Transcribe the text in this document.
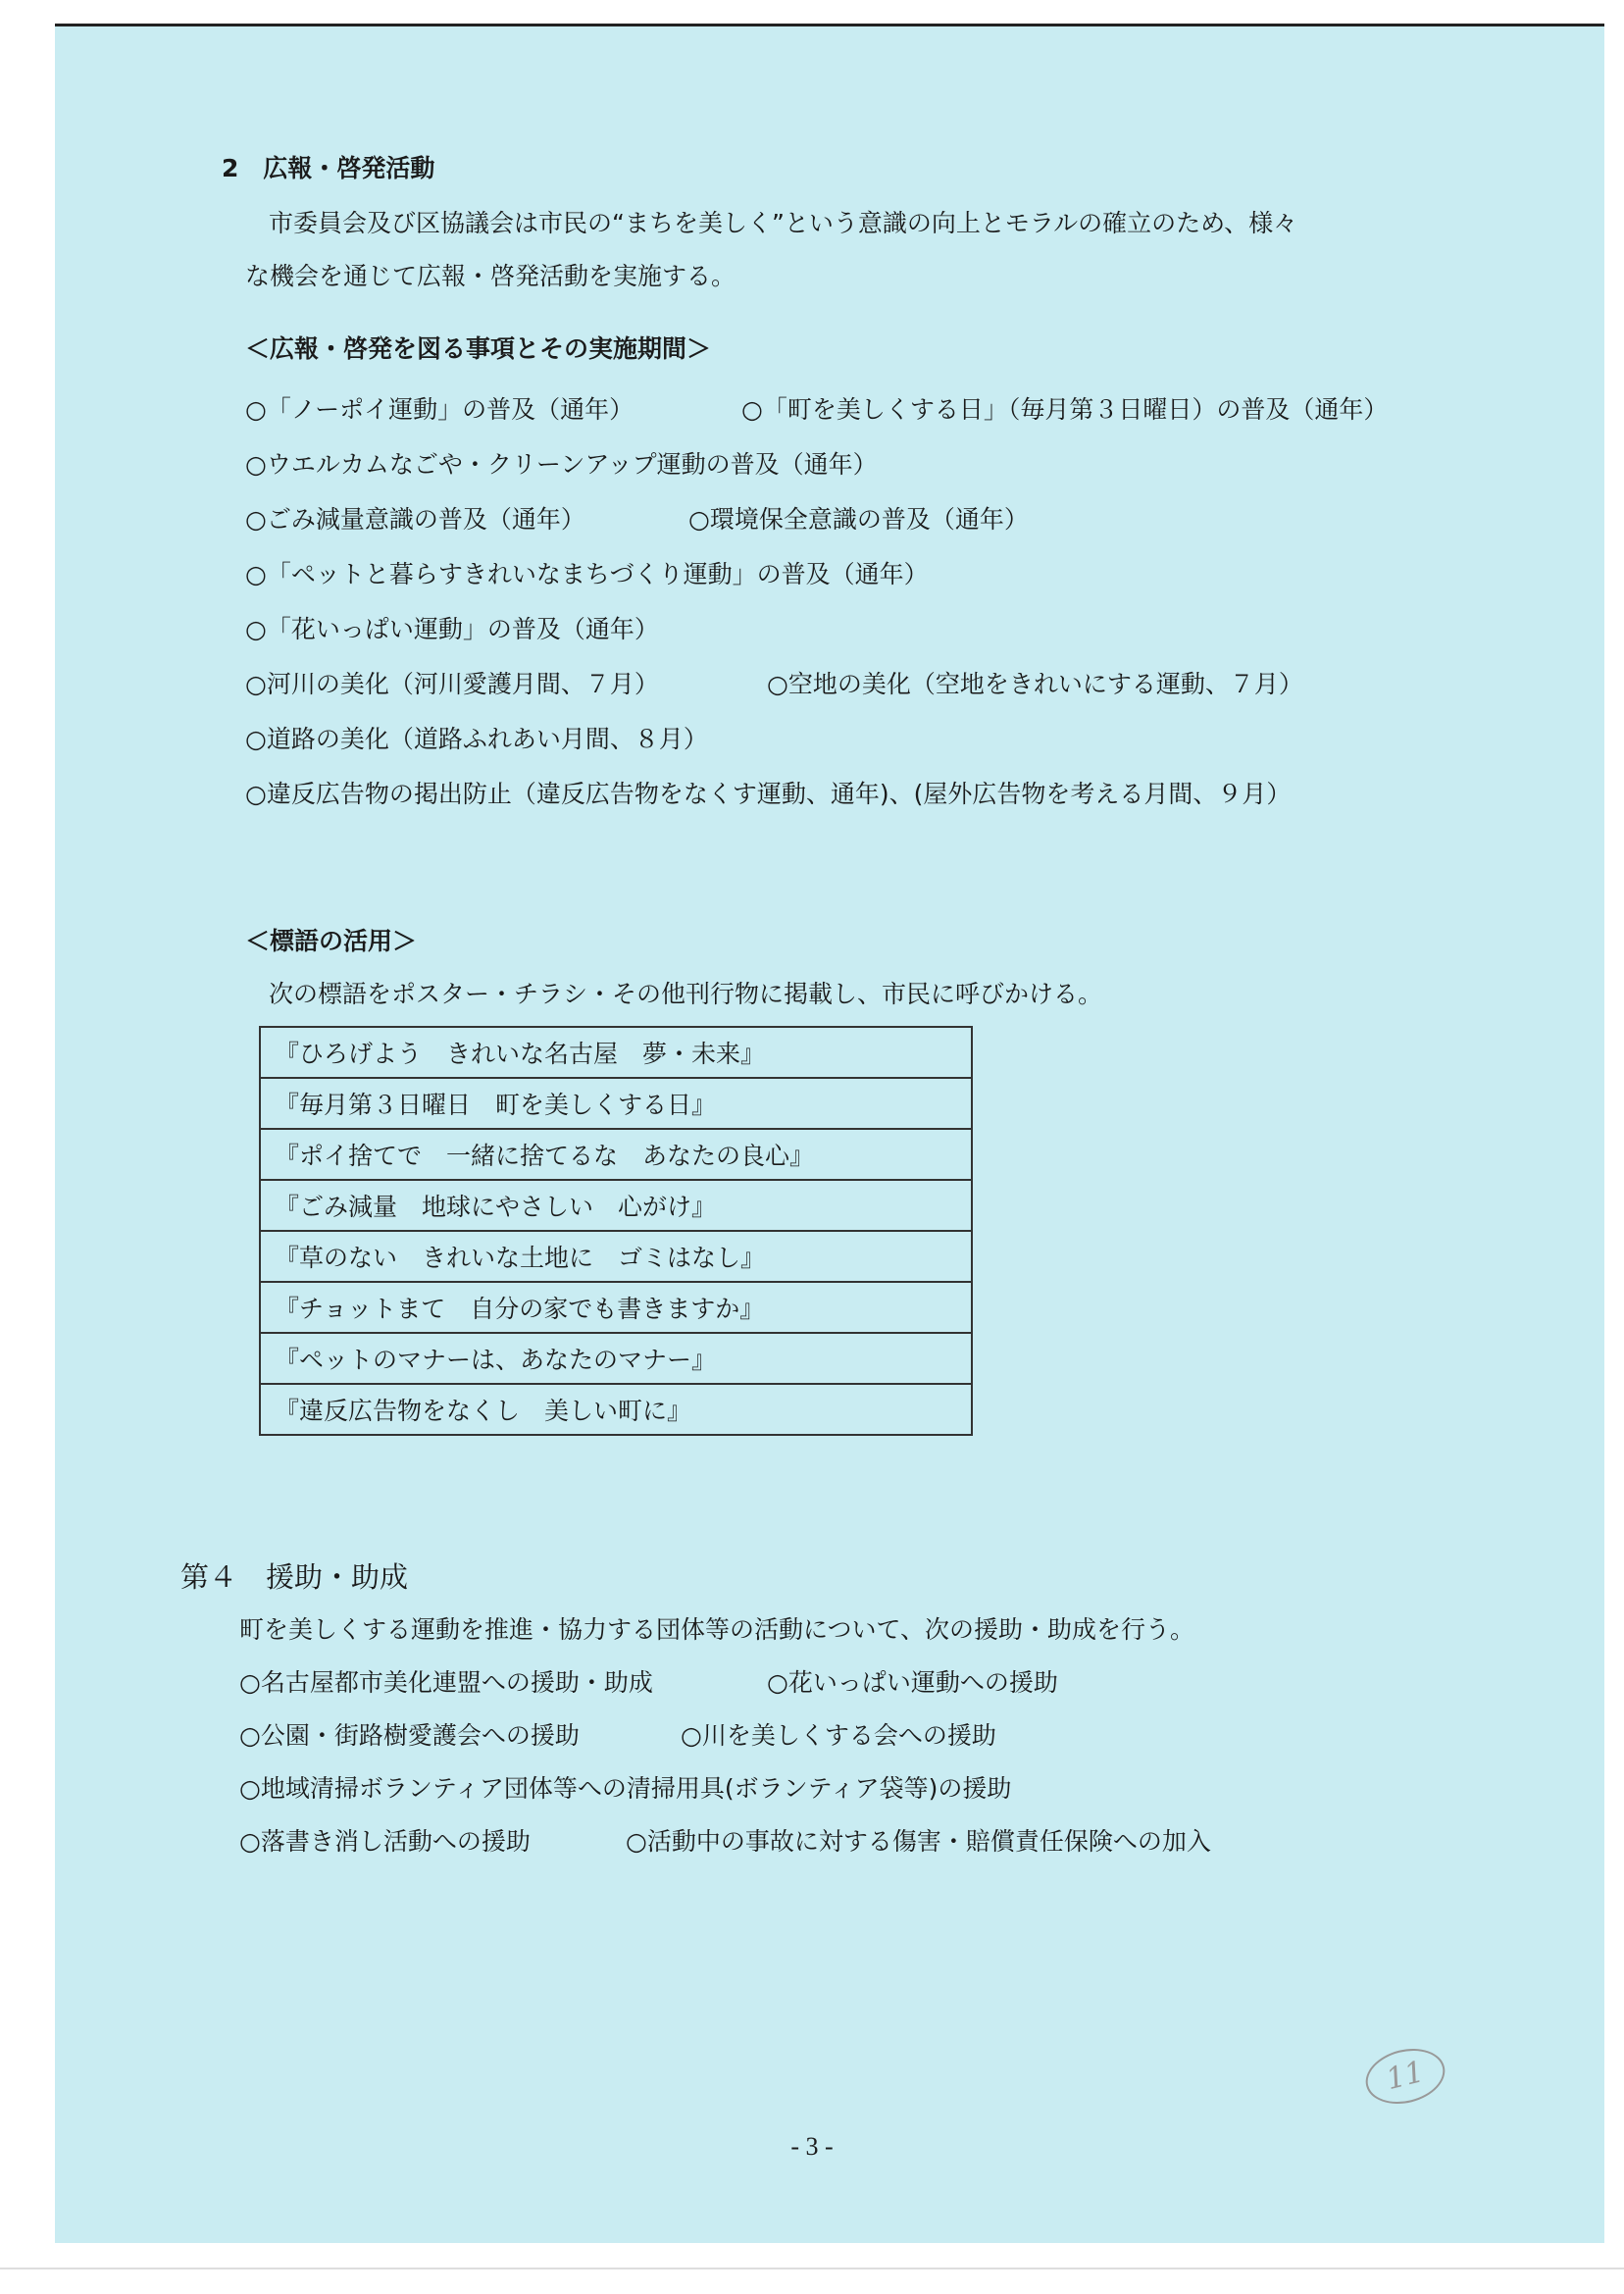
2　広報・啓発活動
市委員会及び区協議会は市民の“まちを美しく”という意識の向上とモラルの確立のため、様々
な機会を通じて広報・啓発活動を実施する。
＜広報・啓発を図る事項とその実施期間＞
○「ノーポイ運動」の普及（通年）	○「町を美しくする日」（毎月第３日曜日）の普及（通年）
○ウエルカムなごや・クリーンアップ運動の普及（通年）
○ごみ減量意識の普及（通年）	○環境保全意識の普及（通年）
○「ペットと暮らすきれいなまちづくり運動」の普及（通年）
○「花いっぱい運動」の普及（通年）
○河川の美化（河川愛護月間、７月）	○空地の美化（空地をきれいにする運動、７月）
○道路の美化（道路ふれあい月間、８月）
○違反広告物の掲出防止（違反広告物をなくす運動、通年)、(屋外広告物を考える月間、９月）
＜標語の活用＞
次の標語をポスター・チラシ・その他刊行物に掲載し、市民に呼びかける。
『ひろげよう　きれいな名古屋　夢・未来』
『毎月第３日曜日　町を美しくする日』
『ポイ捨てで　一緒に捨てるな　あなたの良心』
『ごみ減量　地球にやさしい　心がけ』
『草のない　きれいな土地に　ゴミはなし』
『チョットまて　自分の家でも書きますか』
『ペットのマナーは、あなたのマナー』
『違反広告物をなくし　美しい町に』
第４　援助・助成
町を美しくする運動を推進・協力する団体等の活動について、次の援助・助成を行う。
○名古屋都市美化連盟への援助・助成	○花いっぱい運動への援助
○公園・街路樹愛護会への援助	○川を美しくする会への援助
○地域清掃ボランティア団体等への清掃用具(ボランティア袋等)の援助
○落書き消し活動への援助	○活動中の事故に対する傷害・賠償責任保険への加入
11
- 3 -
